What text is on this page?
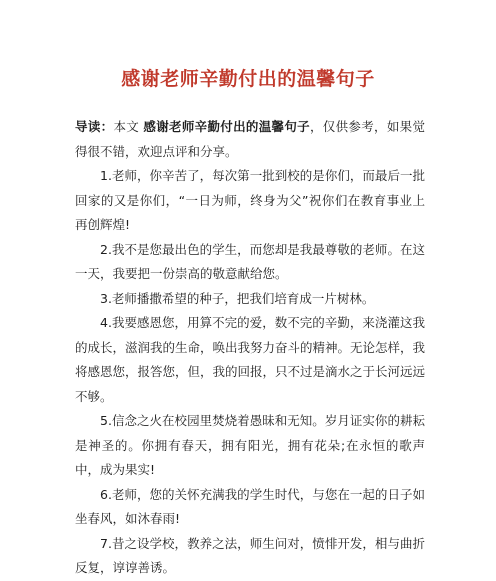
感谢老师辛勤付出的温馨句子

导读：本文 感谢老师辛勤付出的温馨句子，仅供参考，如果觉得很不错，欢迎点评和分享。

1.老师，你辛苦了，每次第一批到校的是你们，而最后一批回家的又是你们，“一日为师，终身为父”祝你们在教育事业上再创辉煌!

2.我不是您最出色的学生，而您却是我最尊敬的老师。在这一天，我要把一份崇高的敬意献给您。

3.老师播撒希望的种子，把我们培育成一片树林。

4.我要感恩您，用算不完的爱，数不完的辛勤，来浇灌这我的成长，滋润我的生命，唤出我努力奋斗的精神。无论怎样，我将感恩您，报答您，但，我的回报，只不过是滴水之于长河远远不够。

5.信念之火在校园里焚烧着愚昧和无知。岁月证实你的耕耘是神圣的。你拥有春天，拥有阳光，拥有花朵;在永恒的歌声中，成为果实!

6.老师，您的关怀充满我的学生时代，与您在一起的日子如坐春风，如沐春雨!

7.昔之设学校，教养之法，师生问对，愤悱开发，相与曲折反复，谆谆善诱。
